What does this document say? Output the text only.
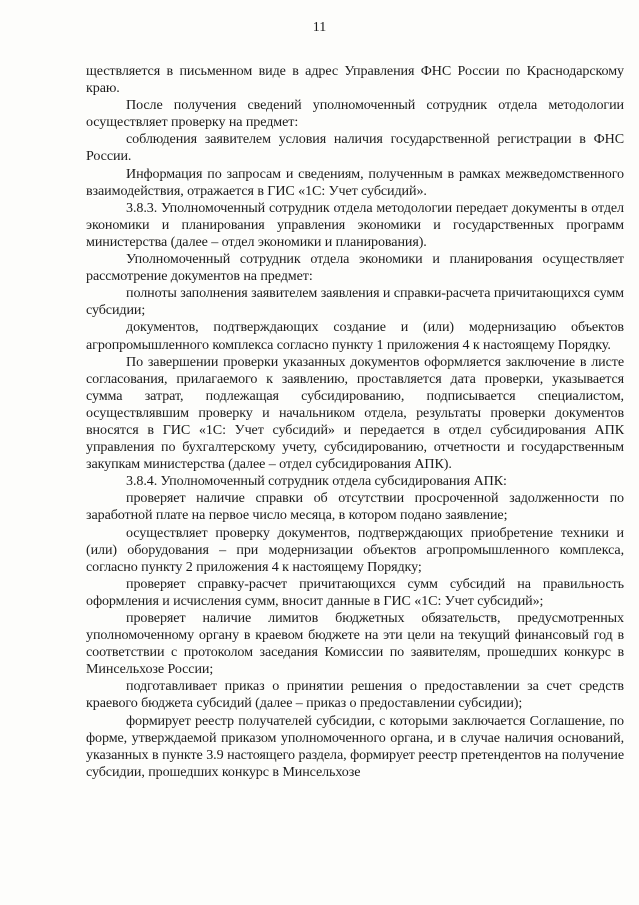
11

ществляется в письменном виде в адрес Управления ФНС России по Краснодарскому краю.

После получения сведений уполномоченный сотрудник отдела методологии осуществляет проверку на предмет:

соблюдения заявителем условия наличия государственной регистрации в ФНС России.

Информация по запросам и сведениям, полученным в рамках межведомственного взаимодействия, отражается в ГИС «1С: Учет субсидий».

3.8.3. Уполномоченный сотрудник отдела методологии передает документы в отдел экономики и планирования управления экономики и государственных программ министерства (далее – отдел экономики и планирования).

Уполномоченный сотрудник отдела экономики и планирования осуществляет рассмотрение документов на предмет:

полноты заполнения заявителем заявления и справки-расчета причитающихся сумм субсидии;

документов, подтверждающих создание и (или) модернизацию объектов агропромышленного комплекса согласно пункту 1 приложения 4 к настоящему Порядку.

По завершении проверки указанных документов оформляется заключение в листе согласования, прилагаемого к заявлению, проставляется дата проверки, указывается сумма затрат, подлежащая субсидированию, подписывается специалистом, осуществлявшим проверку и начальником отдела, результаты проверки документов вносятся в ГИС «1С: Учет субсидий» и передается в отдел субсидирования АПК управления по бухгалтерскому учету, субсидированию, отчетности и государственным закупкам министерства (далее – отдел субсидирования АПК).

3.8.4. Уполномоченный сотрудник отдела субсидирования АПК:

проверяет наличие справки об отсутствии просроченной задолженности по заработной плате на первое число месяца, в котором подано заявление;

осуществляет проверку документов, подтверждающих приобретение техники и (или) оборудования – при модернизации объектов агропромышленного комплекса, согласно пункту 2 приложения 4 к настоящему Порядку;

проверяет справку-расчет причитающихся сумм субсидий на правильность оформления и исчисления сумм, вносит данные в ГИС «1С: Учет субсидий»;

проверяет наличие лимитов бюджетных обязательств, предусмотренных уполномоченному органу в краевом бюджете на эти цели на текущий финансовый год в соответствии с протоколом заседания Комиссии по заявителям, прошедших конкурс в Минсельхозе России;

подготавливает приказ о принятии решения о предоставлении за счет средств краевого бюджета субсидий (далее – приказ о предоставлении субсидии);

формирует реестр получателей субсидии, с которыми заключается Соглашение, по форме, утверждаемой приказом уполномоченного органа, и в случае наличия оснований, указанных в пункте 3.9 настоящего раздела, формирует реестр претендентов на получение субсидии, прошедших конкурс в Минсельхозе
